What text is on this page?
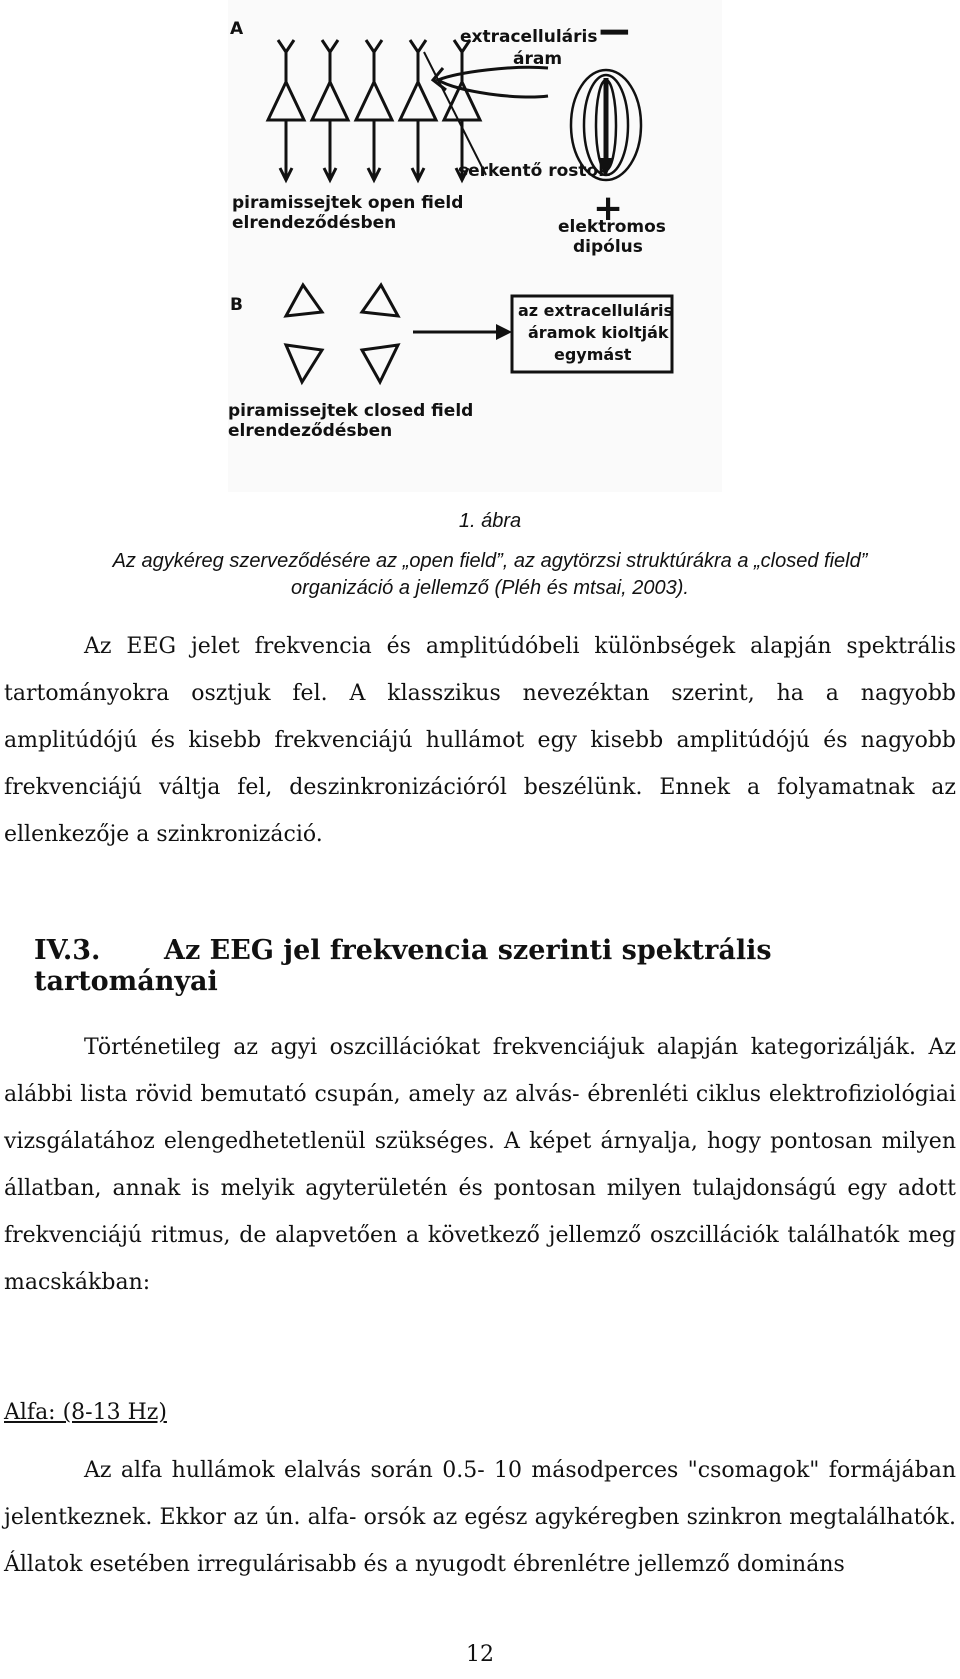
A
B
extracelluláris
áram
−
+
serkentő rostok
piramissejtek open field
elrendeződésben	elektromos
dipólus
az extracelluláris
áramok kioltják
egymást
piramissejtek closed field
elrendeződésben
1. ábra
Az agykéreg szerveződésére az „open field”, az agytörzsi struktúrákra a „closed field”
organizáció a jellemző (Pléh és mtsai, 2003).

Az EEG jelet frekvencia és amplitúdóbeli különbségek alapján spektrális tartományokra osztjuk fel. A klasszikus nevezéktan szerint, ha a nagyobb amplitúdójú és kisebb frekvenciájú hullámot egy kisebb amplitúdójú és nagyobb frekvenciájú váltja fel, deszinkronizációról beszélünk. Ennek a folyamatnak az ellenkezője a szinkronizáció.

IV.3. Az EEG jel frekvencia szerinti spektrális tartományai

Történetileg az agyi oszcillációkat frekvenciájuk alapján kategorizálják. Az alábbi lista rövid bemutató csupán, amely az alvás- ébrenléti ciklus elektrofiziológiai vizsgálatához elengedhetetlenül szükséges. A képet árnyalja, hogy pontosan milyen állatban, annak is melyik agyterületén és pontosan milyen tulajdonságú egy adott frekvenciájú ritmus, de alapvetően a következő jellemző oszcillációk találhatók meg macskákban:

Alfa: (8-13 Hz)

Az alfa hullámok elalvás során 0.5- 10 másodperces "csomagok" formájában jelentkeznek. Ekkor az ún. alfa- orsók az egész agykéregben szinkron megtalálhatók. Állatok esetében irregulárisabb és a nyugodt ébrenlétre jellemző domináns

12
